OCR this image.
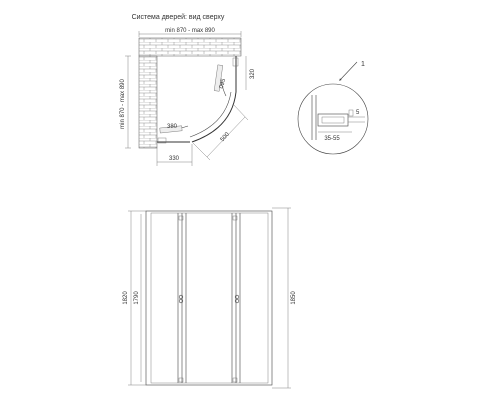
Система дверей: вид сверху
min 870 - max 890
min 870 - max 890
320
095
380
500
330
1
5
35-55
1820 1790	1850
